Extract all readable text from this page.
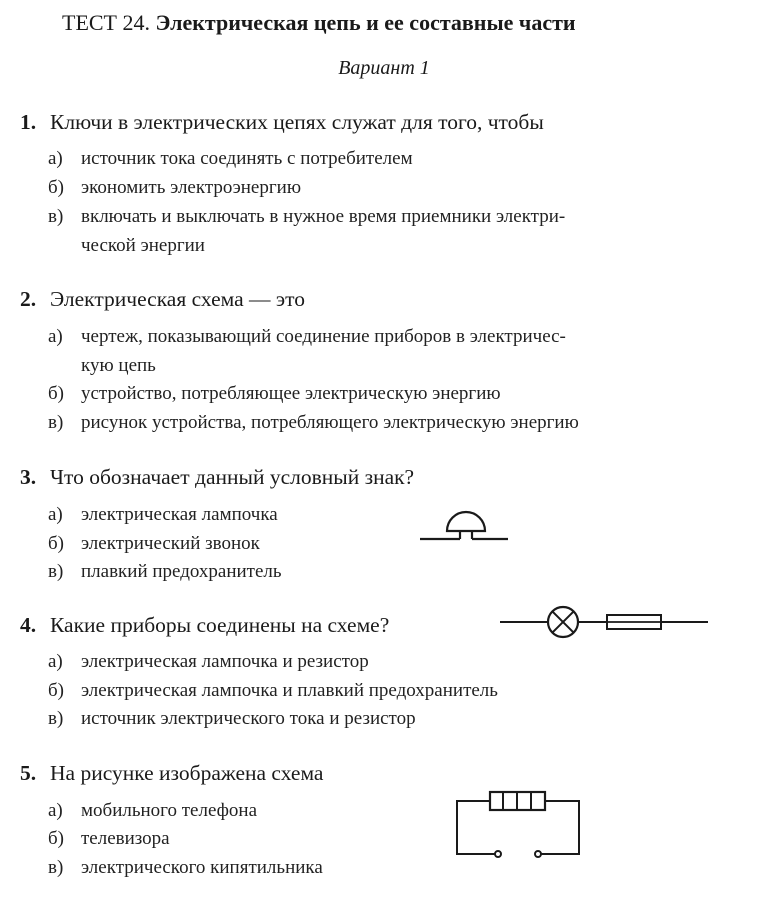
ТЕСТ 24. Электрическая цепь и ее составные части
Вариант 1
1. Ключи в электрических цепях служат для того, чтобы
а) источник тока соединять с потребителем
б) экономить электроэнергию
в) включать и выключать в нужное время приемники электри-
ческой энергии
2. Электрическая схема — это
а) чертеж, показывающий соединение приборов в электричес-
кую цепь
б) устройство, потребляющее электрическую энергию
в) рисунок устройства, потребляющего электрическую энергию
3. Что обозначает данный условный знак?
а) электрическая лампочка
б) электрический звонок
в) плавкий предохранитель
4. Какие приборы соединены на схеме?
а) электрическая лампочка и резистор
б) электрическая лампочка и плавкий предохранитель
в) источник электрического тока и резистор
5. На рисунке изображена схема
а) мобильного телефона
б) телевизора
в) электрического кипятильника
